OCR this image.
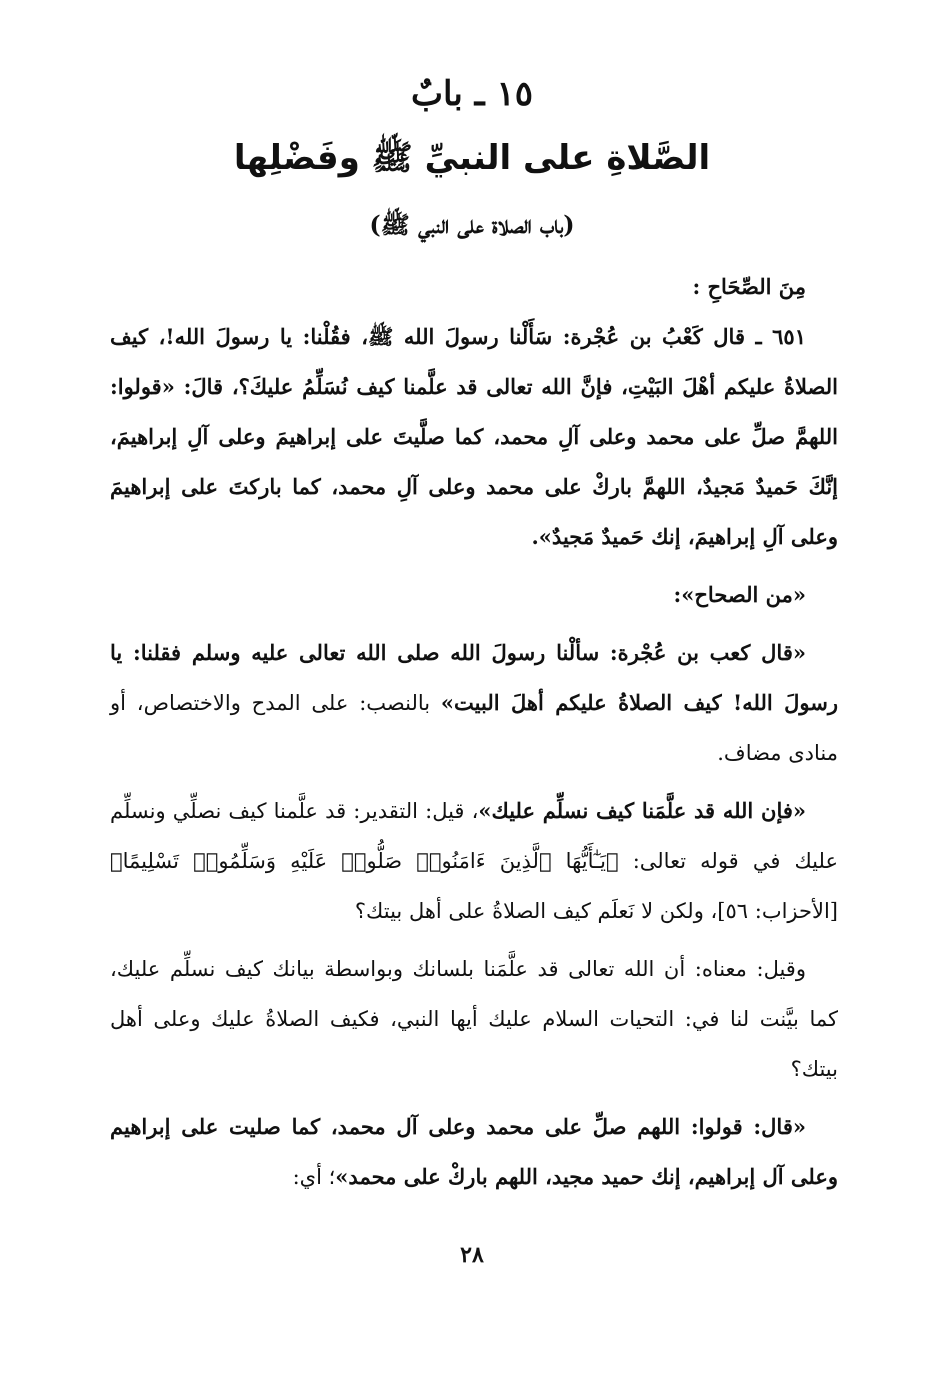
١٥ ـ بابٌ
الصَّلاةِ على النبيِّ ﷺ وفَضْلِها
(باب الصلاة على النبي ﷺ)

مِنَ الصِّحَاحِ :

٦٥١ ـ قال كَعْبُ بن عُجْرة: سَأَلْنا رسولَ الله ﷺ، فقُلْنا: يا رسولَ الله!، كيف الصلاةُ عليكم أهْلَ البَيْتِ، فإنَّ الله تعالى قد علَّمنا كيف نُسَلِّمُ عليكَ؟، قالَ: «قولوا: اللهمَّ صلِّ على محمد وعلى آلِ محمد، كما صلَّيتَ على إبراهيمَ وعلى آلِ إبراهيمَ، إنَّكَ حَميدٌ مَجيدٌ، اللهمَّ باركْ على محمد وعلى آلِ محمد، كما باركتَ على إبراهيمَ وعلى آلِ إبراهيمَ، إنك حَميدٌ مَجيدٌ».

«من الصحاح»:

«قال كعب بن عُجْرة: سألْنا رسولَ الله صلى الله تعالى عليه وسلم فقلنا: يا رسولَ الله! كيف الصلاةُ عليكم أهلَ البيت» بالنصب: على المدح والاختصاص، أو منادى مضاف.

«فإن الله قد علَّمَنا كيف نسلِّم عليك»، قيل: التقدير: قد علَّمنا كيف نصلِّي ونسلِّم عليك في قوله تعالى: ﴿يَـٰٓأَيُّهَا ٱلَّذِينَ ءَامَنُوا۟ صَلُّوا۟ عَلَيْهِ وَسَلِّمُوا۟ تَسْلِيمًا﴾ [الأحزاب: ٥٦]، ولكن لا نَعلَم كيف الصلاةُ على أهل بيتك؟

وقيل: معناه: أن الله تعالى قد علَّمَنا بلسانك وبواسطة بيانك كيف نسلِّم عليك، كما بيَّنت لنا في: التحيات السلام عليك أيها النبي، فكيف الصلاةُ عليك وعلى أهل بيتك؟

«قال: قولوا: اللهم صلِّ على محمد وعلى آل محمد، كما صليت على إبراهيم وعلى آل إبراهيم، إنك حميد مجيد، اللهم باركْ على محمد»؛ أي:

٢٨
